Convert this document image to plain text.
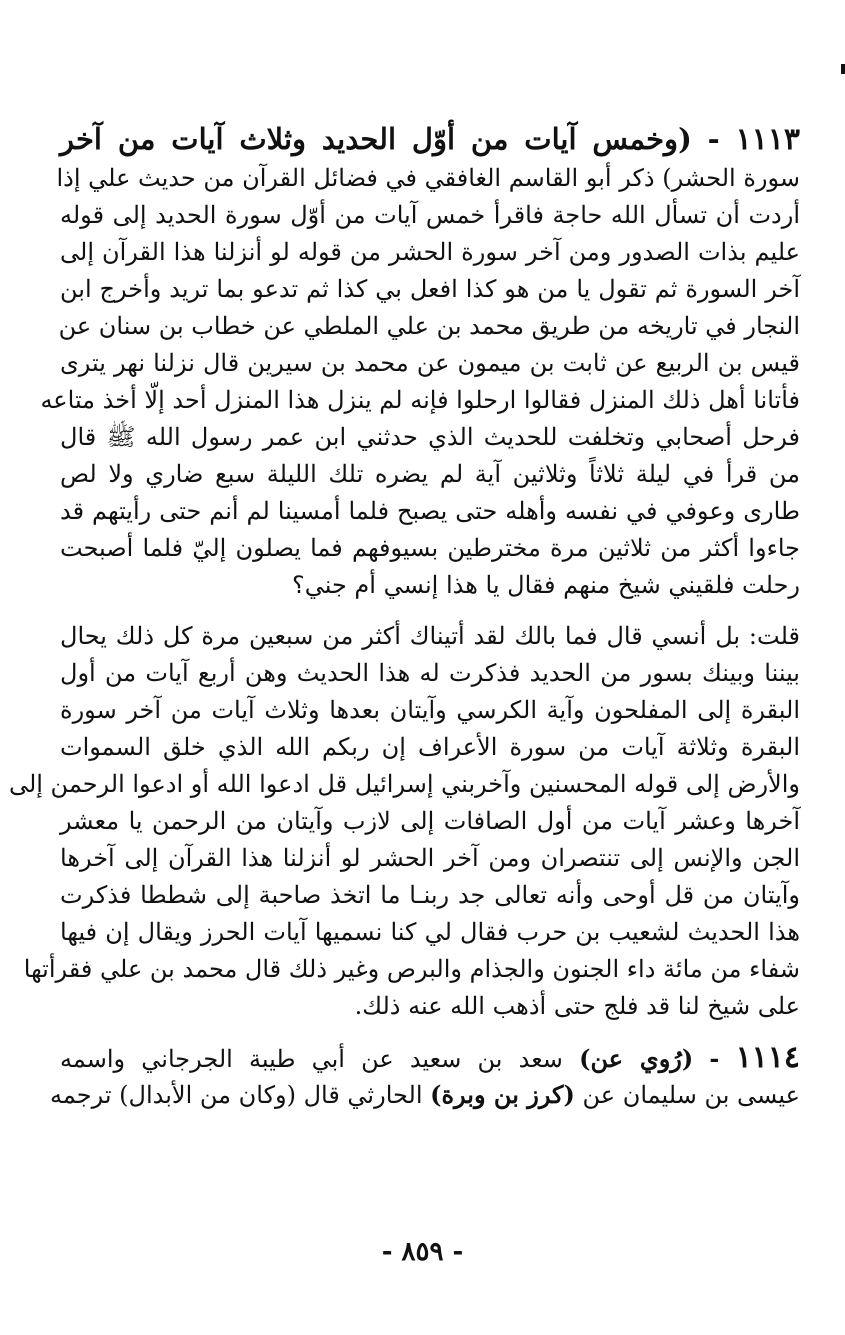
١١١٣ - (وخمس آيات من أوّل الحديد وثلاث آيات من آخر
سورة الحشر) ذكر أبو القاسم الغافقي في فضائل القرآن من حديث علي إذا
أردت أن تسأل الله حاجة فاقرأ خمس آيات من أوّل سورة الحديد إلى قوله
عليم بذات الصدور ومن آخر سورة الحشر من قوله لو أنزلنا هذا القرآن إلى
آخر السورة ثم تقول يا من هو كذا افعل بي كذا ثم تدعو بما تريد وأخرج ابن
النجار في تاريخه من طريق محمد بن علي الملطي عن خطاب بن سنان عن
قيس بن الربيع عن ثابت بن ميمون عن محمد بن سيرين قال نزلنا نهر يترى
فأتانا أهل ذلك المنزل فقالوا ارحلوا فإنه لم ينزل هذا المنزل أحد إلّا أخذ متاعه
فرحل أصحابي وتخلفت للحديث الذي حدثني ابن عمر رسول الله ﷺ قال
من قرأ في ليلة ثلاثاً وثلاثين آية لم يضره تلك الليلة سبع ضاري ولا لص
طارى وعوفي في نفسه وأهله حتى يصبح فلما أمسينا لم أنم حتى رأيتهم قد
جاءوا أكثر من ثلاثين مرة مخترطين بسيوفهم فما يصلون إليّ فلما أصبحت
رحلت فلقيني شيخ منهم فقال يا هذا إنسي أم جني؟
قلت: بل أنسي قال فما بالك لقد أتيناك أكثر من سبعين مرة كل ذلك يحال
بيننا وبينك بسور من الحديد فذكرت له هذا الحديث وهن أربع آيات من أول
البقرة إلى المفلحون وآية الكرسي وآيتان بعدها وثلاث آيات من آخر سورة
البقرة وثلاثة آيات من سورة الأعراف إن ربكم الله الذي خلق السموات
والأرض إلى قوله المحسنين وآخربني إسرائيل قل ادعوا الله أو ادعوا الرحمن إلى
آخرها وعشر آيات من أول الصافات إلى لازب وآيتان من الرحمن يا معشر
الجن والإنس إلى تنتصران ومن آخر الحشر لو أنزلنا هذا القرآن إلى آخرها
وآيتان من قل أوحى وأنه تعالى جد ربنـا ما اتخذ صاحبة إلى شططا فذكرت
هذا الحديث لشعيب بن حرب فقال لي كنا نسميها آيات الحرز ويقال إن فيها
شفاء من مائة داء الجنون والجذام والبرص وغير ذلك قال محمد بن علي فقرأتها
على شيخ لنا قد فلج حتى أذهب الله عنه ذلك.
١١١٤ - (رُوي عن) سعد بن سعيد عن أبي طيبة الجرجاني واسمه
عيسى بن سليمان عن (كرز بن وبرة) الحارثي قال (وكان من الأبدال) ترجمه
- ٨٥٩ -
